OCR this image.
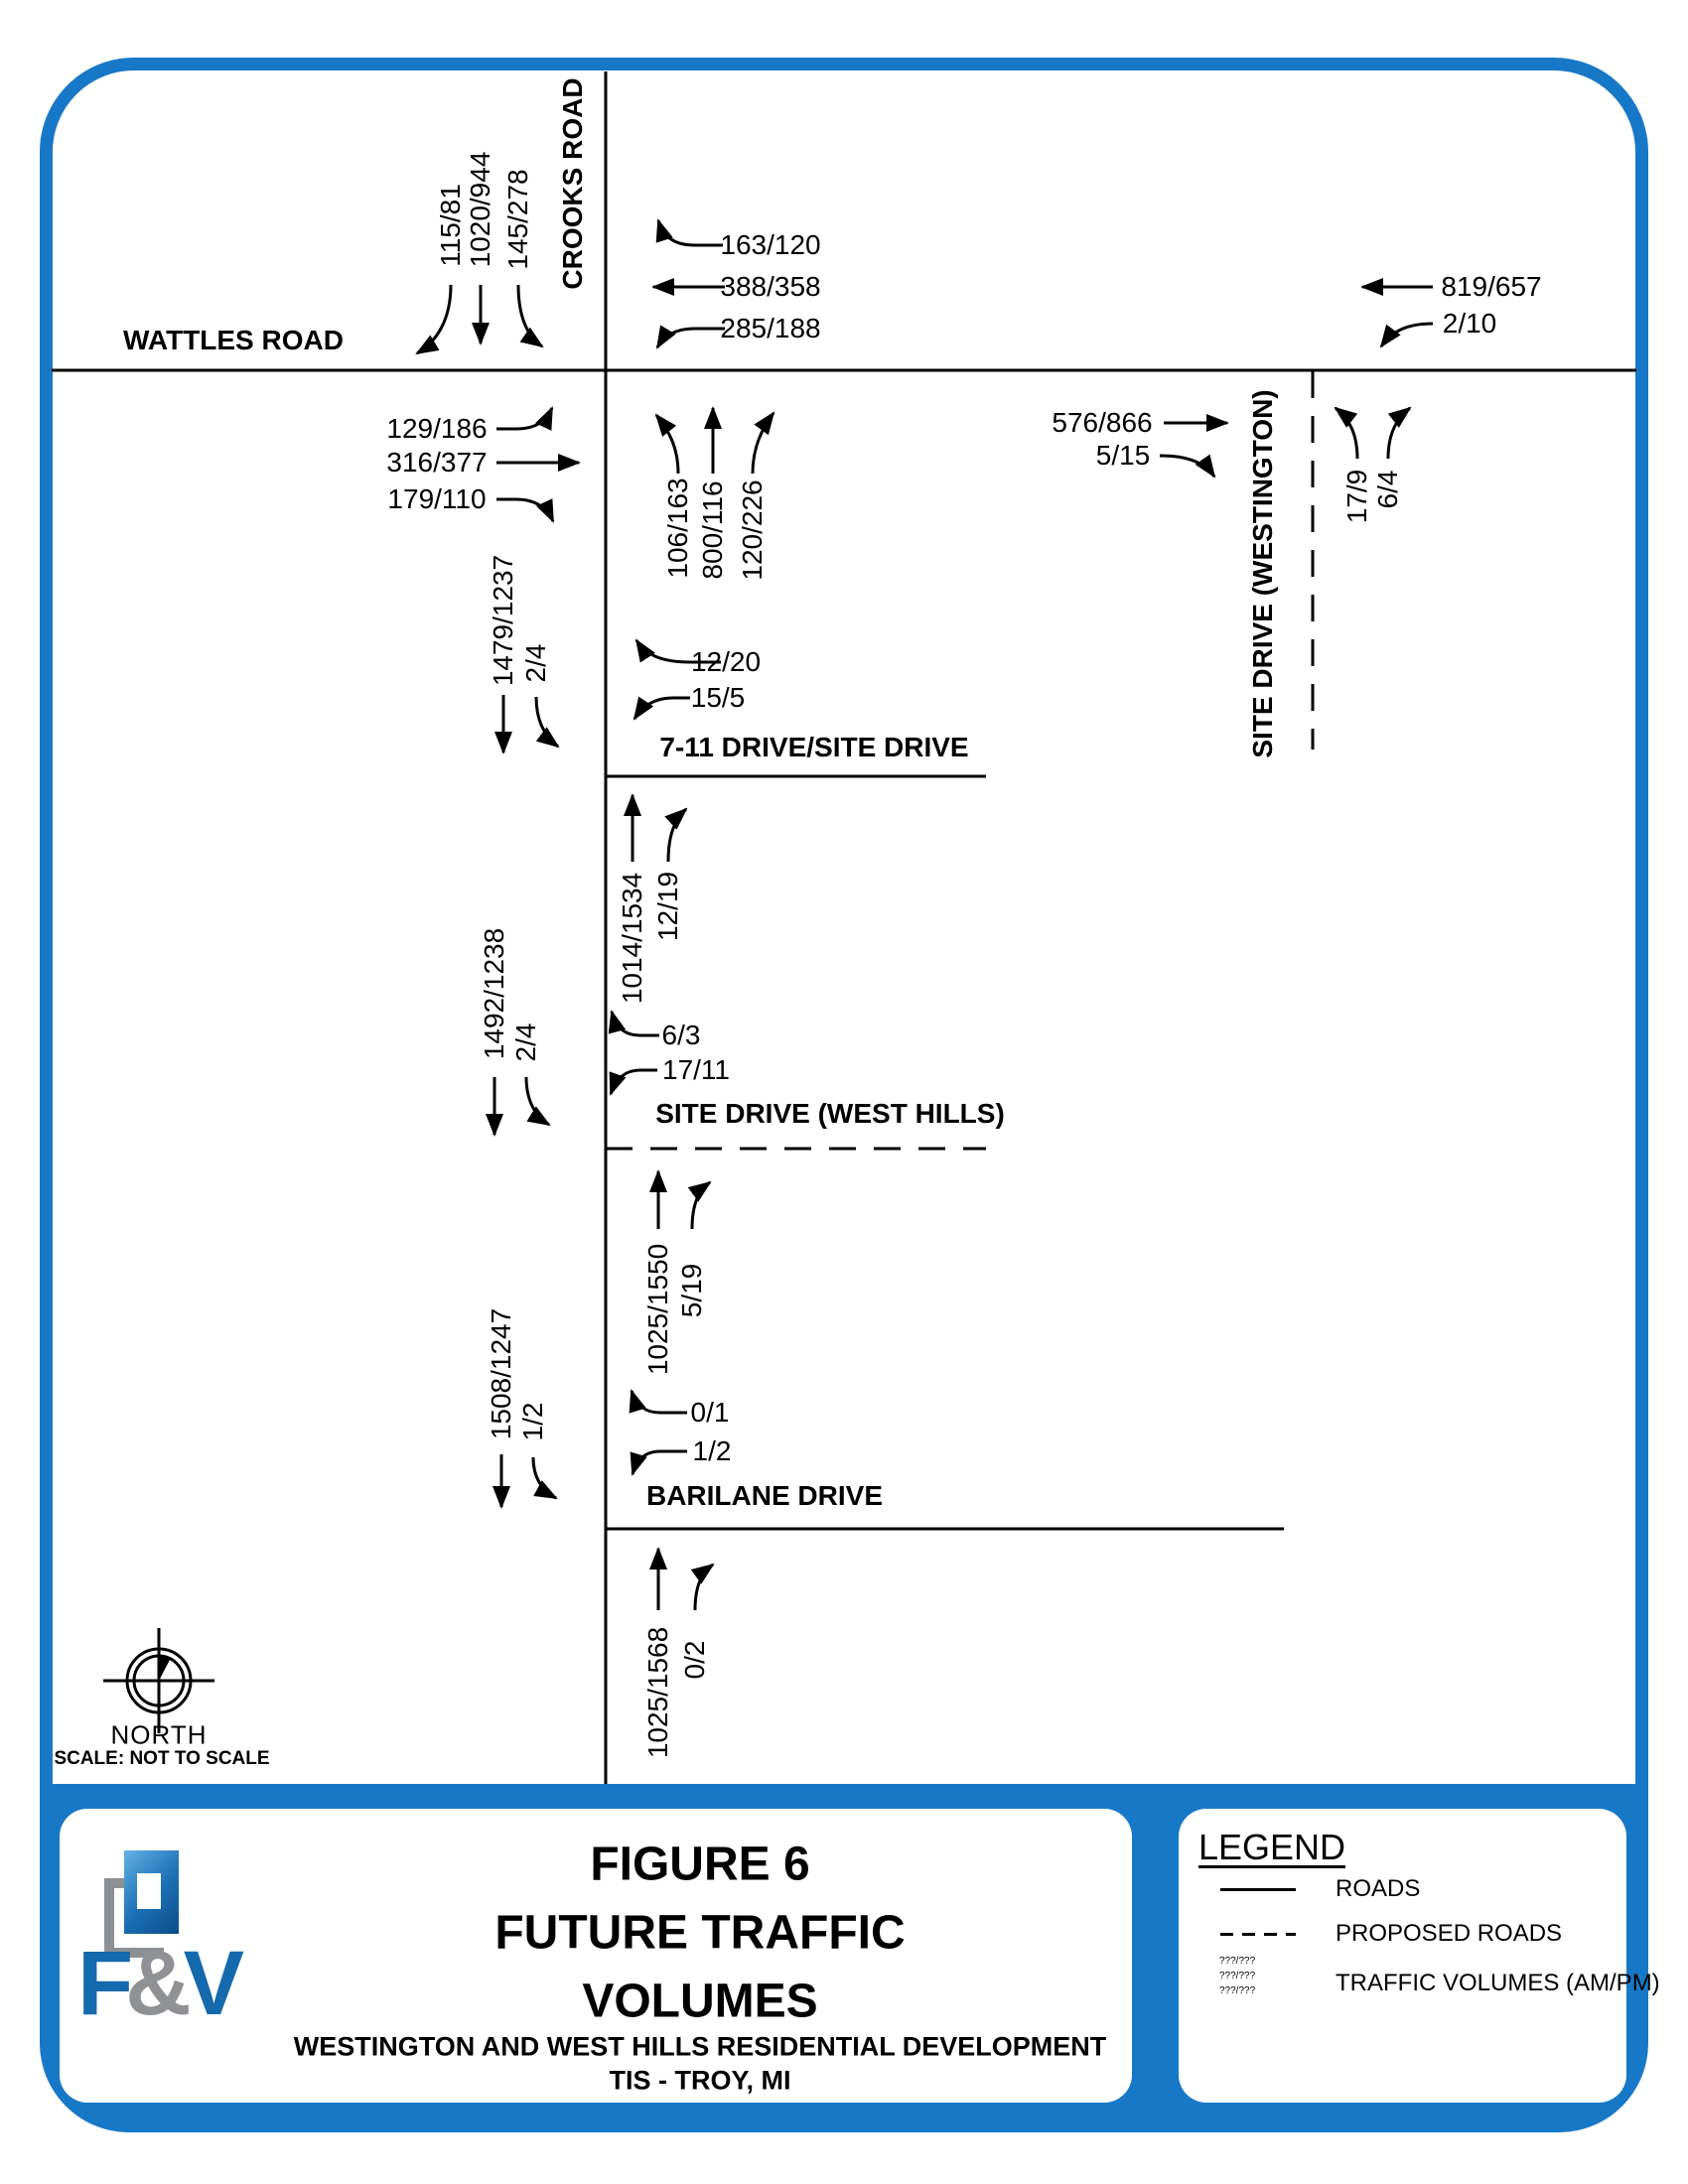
WATTLES ROAD
CROOKS ROAD
7-11 DRIVE/SITE DRIVE
SITE DRIVE (WEST HILLS)
BARILANE DRIVE
SITE DRIVE (WESTINGTON)
115/81 1020/944 145/278	163/120
388/358
285/188
129/186
316/377
179/110	106/163 800/116 120/226
1479/1237 2/4	12/20
15/5
1014/1534 12/19
1492/1238 2/4	6/3
17/11
1025/1550 5/19
1508/1247 1/2	0/1
1/2
1025/1568 0/2
576/866
5/15
819/657
2/10
17/9 6/4
NORTH
SCALE: NOT TO SCALE
F&V
FIGURE 6
FUTURE TRAFFIC
VOLUMES
WESTINGTON AND WEST HILLS RESIDENTIAL DEVELOPMENT
TIS - TROY, MI
LEGEND
ROADS
PROPOSED ROADS
???/???
???/???
???/???	TRAFFIC VOLUMES (AM/PM)
